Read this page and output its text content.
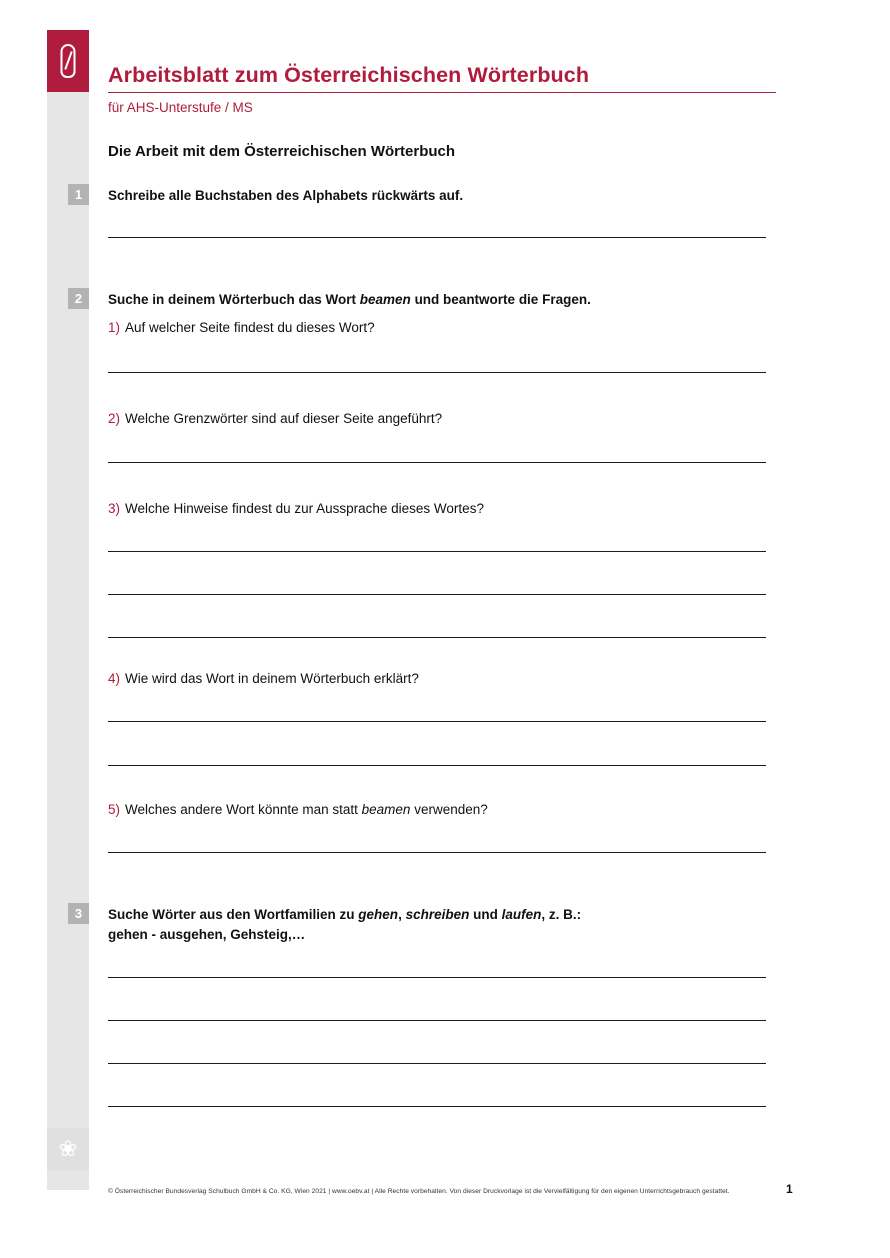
❀
Arbeitsblatt zum Österreichischen Wörterbuch
für AHS-Unterstufe / MS
Die Arbeit mit dem Österreichischen Wörterbuch
1	Schreibe alle Buchstaben des Alphabets rückwärts auf.
2	Suche in deinem Wörterbuch das Wort beamen und beantworte die Fragen.
1) Auf welcher Seite findest du dieses Wort?
2) Welche Grenzwörter sind auf dieser Seite angeführt?
3) Welche Hinweise findest du zur Aussprache dieses Wortes?
4) Wie wird das Wort in deinem Wörterbuch erklärt?
5) Welches andere Wort könnte man statt beamen verwenden?
3	Suche Wörter aus den Wortfamilien zu gehen, schreiben und laufen, z. B.:
gehen - ausgehen, Gehsteig,…
© Österreichischer Bundesverlag Schulbuch GmbH & Co. KG, Wien 2021 | www.oebv.at | Alle Rechte vorbehalten. Von dieser Druckvorlage ist die Vervielfältigung für den eigenen Unterrichtsgebrauch gestattet.	1
